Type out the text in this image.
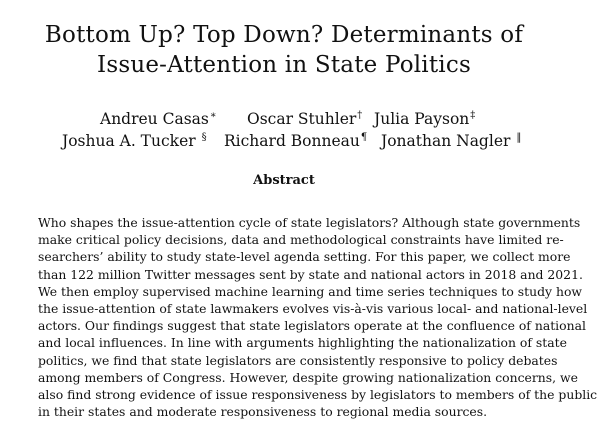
Bottom Up? Top Down? Determinants of
Issue-Attention in State Politics
Andreu Casas∗ Oscar Stuhler† Julia Payson‡
Joshua A. Tucker § Richard Bonneau¶ Jonathan Nagler ‖
Abstract
Who shapes the issue-attention cycle of state legislators? Although state governments
make critical policy decisions, data and methodological constraints have limited re-
searchers’ ability to study state-level agenda setting. For this paper, we collect more
than 122 million Twitter messages sent by state and national actors in 2018 and 2021.
We then employ supervised machine learning and time series techniques to study how
the issue-attention of state lawmakers evolves vis-à-vis various local- and national-level
actors. Our findings suggest that state legislators operate at the confluence of national
and local influences. In line with arguments highlighting the nationalization of state
politics, we find that state legislators are consistently responsive to policy debates
among members of Congress. However, despite growing nationalization concerns, we
also find strong evidence of issue responsiveness by legislators to members of the public
in their states and moderate responsiveness to regional media sources.
